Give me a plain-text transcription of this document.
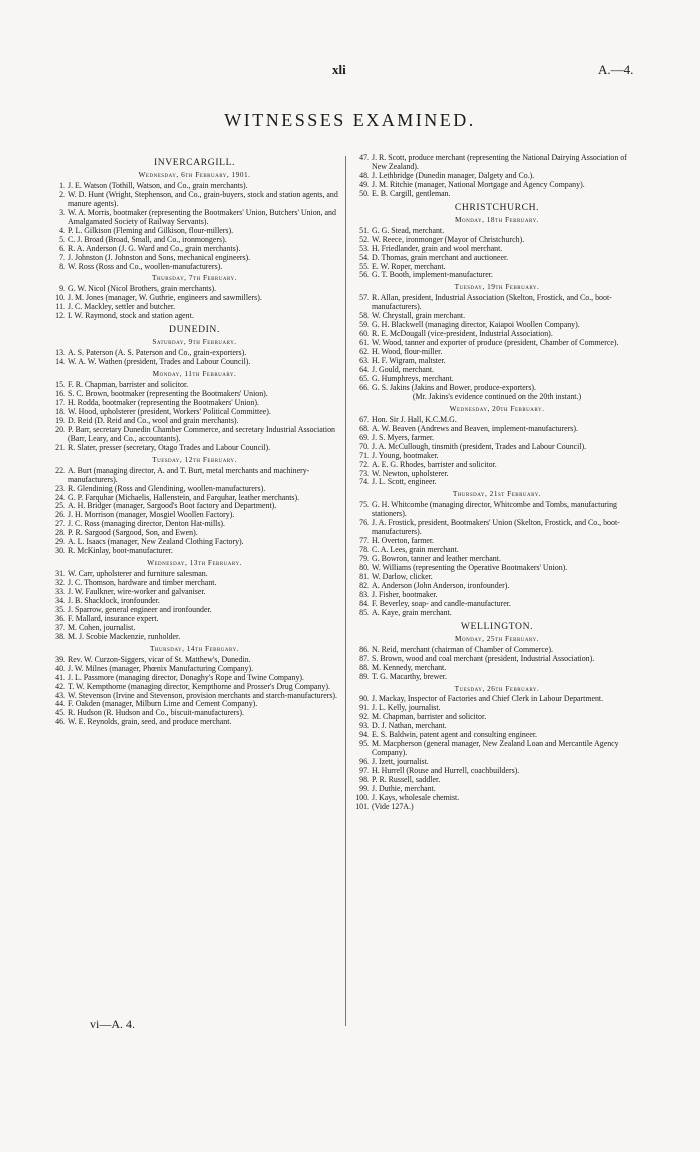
xli	A.—4.
WITNESSES EXAMINED.
INVERCARGILL.
Wednesday, 6th February, 1901.
1. J. E. Watson (Tothill, Watson, and Co., grain merchants).
2. W. D. Hunt (Wright, Stephenson, and Co., grain-buyers, stock and station agents, and manure agents).
3. W. A. Morris, bootmaker (representing the Bootmakers' Union, Butchers' Union, and Amalgamated Society of Railway Servants).
4. P. L. Gilkison (Fleming and Gilkison, flour-millers).
5. C. J. Broad (Broad, Small, and Co., ironmongers).
6. R. A. Anderson (J. G. Ward and Co., grain merchants).
7. J. Johnston (J. Johnston and Sons, mechanical engineers).
8. W. Ross (Ross and Co., woollen-manufacturers).
Thursday, 7th February.
9. G. W. Nicol (Nicol Brothers, grain merchants).
10. J. M. Jones (manager, W. Guthrie, engineers and sawmillers).
11. J. C. Mackley, settler and butcher.
12. I. W. Raymond, stock and station agent.
DUNEDIN.
Saturday, 9th February.
13. A. S. Paterson (A. S. Paterson and Co., grain-exporters).
14. W. A. W. Wathen (president, Trades and Labour Council).
Monday, 11th February.
15. F. R. Chapman, barrister and solicitor.
16. S. C. Brown, bootmaker (representing the Bootmakers' Union).
17. H. Rodda, bootmaker (representing the Bootmakers' Union).
18. W. Hood, upholsterer (president, Workers' Political Committee).
19. D. Reid (D. Reid and Co., wool and grain merchants).
20. P. Barr, secretary Dunedin Chamber Commerce, and secretary Industrial Association (Barr, Leary, and Co., accountants).
21. R. Slater, presser (secretary, Otago Trades and Labour Council).
Tuesday, 12th February.
22. A. Burt (managing director, A. and T. Burt, metal merchants and machinery-manufacturers).
23. R. Glendining (Ross and Glendining, woollen-manufacturers).
24. G. P. Farquhar (Michaelis, Hallenstein, and Farquhar, leather merchants).
25. A. H. Bridger (manager, Sargood's Boot factory and Department).
26. J. H. Morrison (manager, Mosgiel Woollen Factory).
27. J. C. Ross (managing director, Denton Hat-mills).
28. P. R. Sargood (Sargood, Son, and Ewen).
29. A. L. Isaacs (manager, New Zealand Clothing Factory).
30. R. McKinlay, boot-manufacturer.
Wednesday, 13th February.
31. W. Carr, upholsterer and furniture salesman.
32. J. C. Thomson, hardware and timber merchant.
33. J. W. Faulkner, wire-worker and galvaniser.
34. J. B. Shacklock, ironfounder.
35. J. Sparrow, general engineer and ironfounder.
36. F. Mallard, insurance expert.
37. M. Cohen, journalist.
38. M. J. Scobie Mackenzie, runholder.
Thursday, 14th February.
39. Rev. W. Curzon-Siggers, vicar of St. Matthew's, Dunedin.
40. J. W. Milnes (manager, Phœnix Manufacturing Company).
41. J. L. Passmore (managing director, Donaghy's Rope and Twine Company).
42. T. W. Kempthorne (managing director, Kempthorne and Prosser's Drug Company).
43. W. Stevenson (Irvine and Stevenson, provision merchants and starch-manufacturers).
44. F. Oakden (manager, Milburn Lime and Cement Company).
45. R. Hudson (R. Hudson and Co., biscuit-manufacturers).
46. W. E. Reynolds, grain, seed, and produce merchant.
47. J. R. Scott, produce merchant (representing the National Dairying Association of New Zealand).
48. J. Lethbridge (Dunedin manager, Dalgety and Co.).
49. J. M. Ritchie (manager, National Mortgage and Agency Company).
50. E. B. Cargill, gentleman.
CHRISTCHURCH.
Monday, 18th February.
51. G. G. Stead, merchant.
52. W. Reece, ironmonger (Mayor of Christchurch).
53. H. Friedlander, grain and wool merchant.
54. D. Thomas, grain merchant and auctioneer.
55. E. W. Roper, merchant.
56. G. T. Booth, implement-manufacturer.
Tuesday, 19th February.
57. R. Allan, president, Industrial Association (Skelton, Frostick, and Co., boot-manufacturers).
58. W. Chrystall, grain merchant.
59. G. H. Blackwell (managing director, Kaiapoi Woollen Company).
60. R. E. McDougall (vice-president, Industrial Association).
61. W. Wood, tanner and exporter of produce (president, Chamber of Commerce).
62. H. Wood, flour-miller.
63. H. F. Wigram, maltster.
64. J. Gould, merchant.
65. G. Humphreys, merchant.
66. G. S. Jakins (Jakins and Bower, produce-exporters).
(Mr. Jakins's evidence continued on the 20th instant.)
Wednesday, 20th February.
67. Hon. Sir J. Hall, K.C.M.G.
68. A. W. Beaven (Andrews and Beaven, implement-manufacturers).
69. J. S. Myers, farmer.
70. J. A. McCullough, tinsmith (president, Trades and Labour Council).
71. J. Young, bootmaker.
72. A. E. G. Rhodes, barrister and solicitor.
73. W. Newton, upholsterer.
74. J. L. Scott, engineer.
Thursday, 21st February.
75. G. H. Whitcombe (managing director, Whitcombe and Tombs, manufacturing stationers).
76. J. A. Frostick, president, Bootmakers' Union (Skelton, Frostick, and Co., boot-manufacturers).
77. H. Overton, farmer.
78. C. A. Lees, grain merchant.
79. G. Bowron, tanner and leather merchant.
80. W. Williams (representing the Operative Bootmakers' Union).
81. W. Darlow, clicker.
82. A. Anderson (John Anderson, ironfounder).
83. J. Fisher, bootmaker.
84. F. Beverley, soap- and candle-manufacturer.
85. A. Kaye, grain merchant.
WELLINGTON.
Monday, 25th February.
86. N. Reid, merchant (chairman of Chamber of Commerce).
87. S. Brown, wood and coal merchant (president, Industrial Association).
88. M. Kennedy, merchant.
89. T. G. Macarthy, brewer.
Tuesday, 26th February.
90. J. Mackay, Inspector of Factories and Chief Clerk in Labour Department.
91. J. L. Kelly, journalist.
92. M. Chapman, barrister and solicitor.
93. D. J. Nathan, merchant.
94. E. S. Baldwin, patent agent and consulting engineer.
95. M. Macpherson (general manager, New Zealand Loan and Mercantile Agency Company).
96. J. Izett, journalist.
97. H. Hurrell (Rouse and Hurrell, coachbuilders).
98. P. R. Russell, saddler.
99. J. Duthie, merchant.
100. J. Kays, wholesale chemist.
101. (Vide 127A.)
vi—A. 4.
